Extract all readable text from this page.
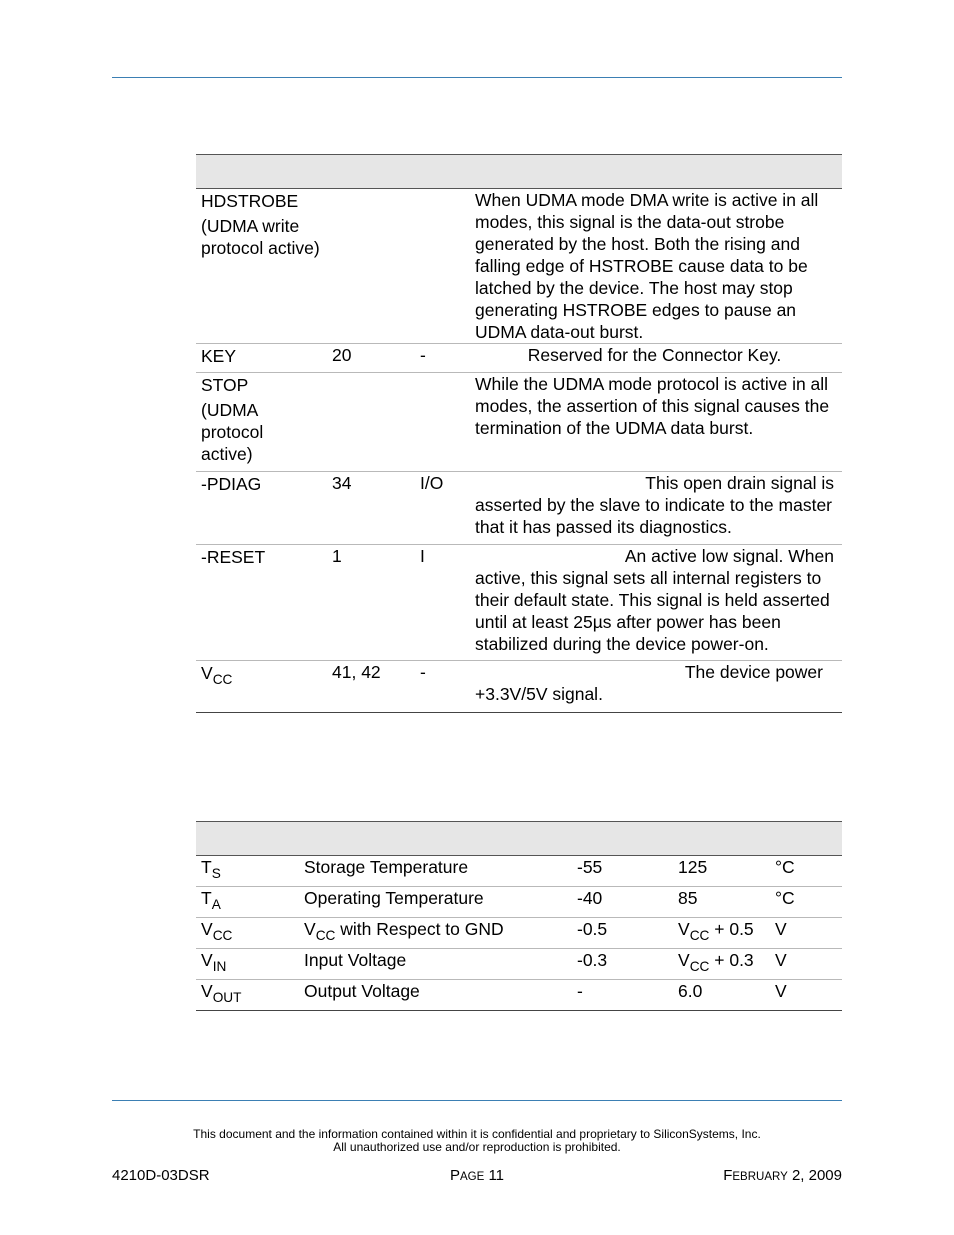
HDSTROBE
(UDMA write protocol active)			When UDMA mode DMA write is active in all modes, this signal is the data-out strobe generated by the host. Both the rising and falling edge of HSTROBE cause data to be latched by the device. The host may stop generating HSTROBE edges to pause an UDMA data-out burst.

KEY	20	-	Reserved for the Connector Key.

STOP
(UDMA protocol active)			While the UDMA mode protocol is active in all modes, the assertion of this signal causes the termination of the UDMA data burst.

-PDIAG	34	I/O	This open drain signal is
asserted by the slave to indicate to the master that it has passed its diagnostics.

-RESET	1	I	An active low signal. When
active, this signal sets all internal registers to their default state. This signal is held asserted until at least 25µs after power has been stabilized during the device power-on.

$V_{CC}$	41, 42	-	The device power
+3.3V/5V signal.

$T_S$	Storage Temperature	-55	125	°C
$T_A$	Operating Temperature	-40	85	°C
$V_{CC}$	$V_{CC}$ with Respect to GND	-0.5	$V_{CC} + 0.5$	V
$V_{IN}$	Input Voltage	-0.3	$V_{CC} + 0.3$	V
$V_{OUT}$	Output Voltage	-	6.0	V
This document and the information contained within it is confidential and proprietary to SiliconSystems, Inc.
All unauthorized use and/or reproduction is prohibited.
4210D-03DSR	PAGE 11	FEBRUARY 2, 2009
